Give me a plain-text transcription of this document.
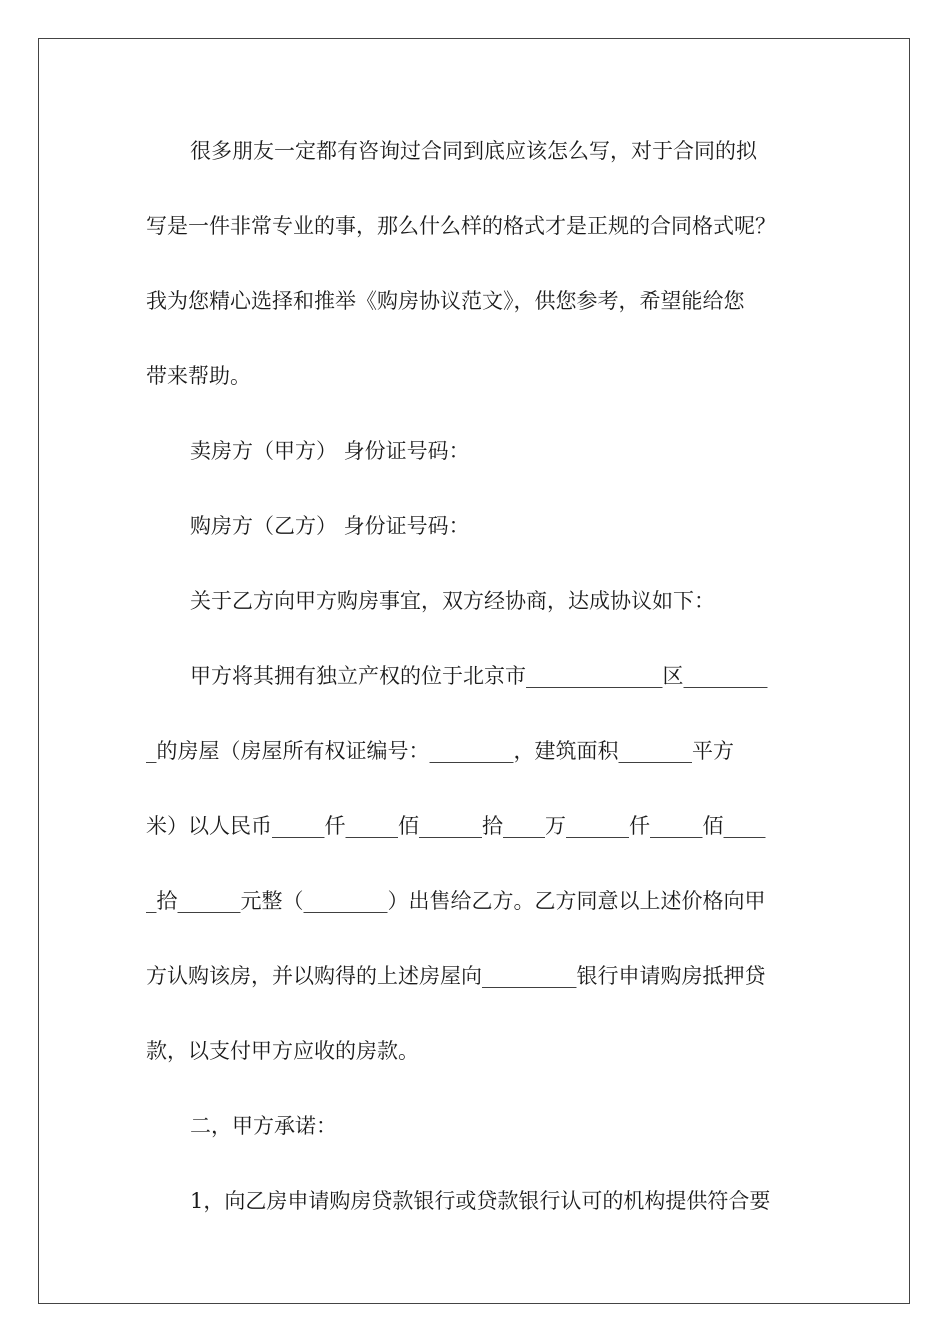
很多朋友一定都有咨询过合同到底应该怎么写，对于合同的拟

写是一件非常专业的事，那么什么样的格式才是正规的合同格式呢？

我为您精心选择和推举《购房协议范文》，供您参考，希望能给您

带来帮助。

卖房方（甲方） 身份证号码：

购房方（乙方） 身份证号码：

关于乙方向甲方购房事宜，双方经协商，达成协议如下：

甲方将其拥有独立产权的位于北京市_____________区________

_的房屋（房屋所有权证编号：________，建筑面积_______平方

米）以人民币_____仟_____佰______拾____万______仟_____佰____

_拾______元整（________）出售给乙方。乙方同意以上述价格向甲

方认购该房，并以购得的上述房屋向_________银行申请购房抵押贷

款，以支付甲方应收的房款。

二，甲方承诺：

1，向乙房申请购房贷款银行或贷款银行认可的机构提供符合要
